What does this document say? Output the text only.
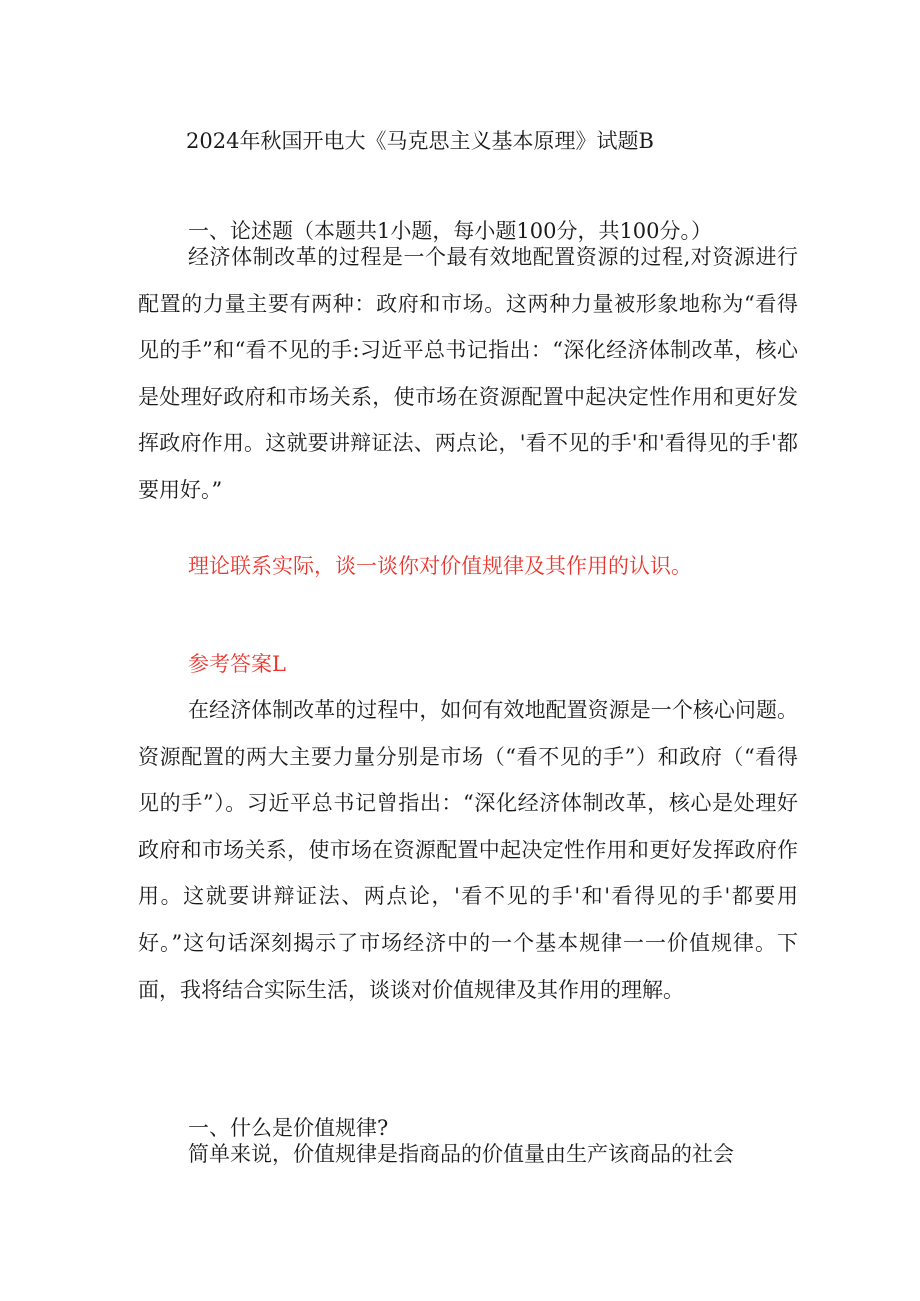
2024年秋国开电大《马克思主义基本原理》试题B
一、论述题（本题共1小题，每小题100分，共100分。）

经济体制改革的过程是一个最有效地配置资源的过程,对资源进行配置的力量主要有两种：政府和市场。这两种力量被形象地称为“看得见的手”和“看不见的手:习近平总书记指出：“深化经济体制改革，核心是处理好政府和市场关系，使市场在资源配置中起决定性作用和更好发挥政府作用。这就要讲辩证法、两点论，'看不见的手'和'看得见的手'都要用好。”

理论联系实际，谈一谈你对价值规律及其作用的认识。
参考答案L

在经济体制改革的过程中，如何有效地配置资源是一个核心问题。资源配置的两大主要力量分别是市场（“看不见的手”）和政府（“看得见的手”）。习近平总书记曾指出：“深化经济体制改革，核心是处理好政府和市场关系，使市场在资源配置中起决定性作用和更好发挥政府作用。这就要讲辩证法、两点论，'看不见的手'和'看得见的手'都要用好。”这句话深刻揭示了市场经济中的一个基本规律一一价值规律。下面，我将结合实际生活，谈谈对价值规律及其作用的理解。

一、什么是价值规律?

简单来说，价值规律是指商品的价值量由生产该商品的社会
